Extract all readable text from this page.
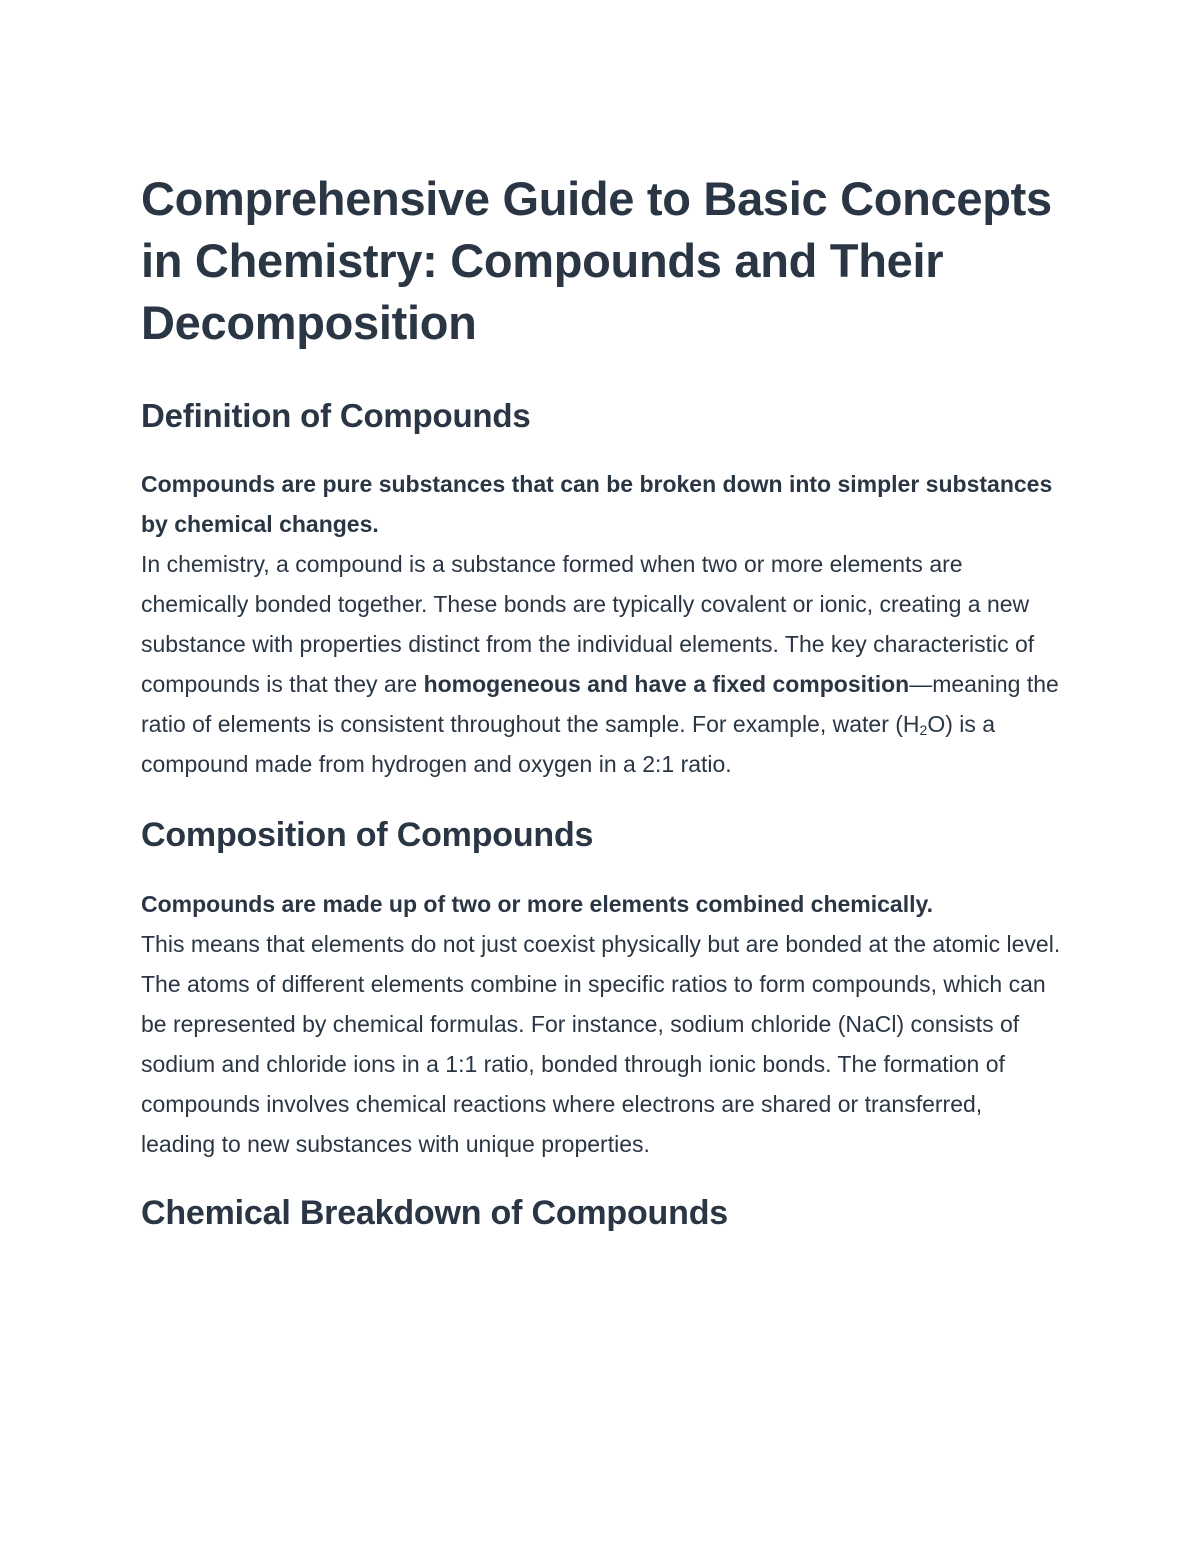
Comprehensive Guide to Basic Concepts in Chemistry: Compounds and Their Decomposition
Definition of Compounds

Compounds are pure substances that can be broken down into simpler substances by chemical changes.

In chemistry, a compound is a substance formed when two or more elements are chemically bonded together. These bonds are typically covalent or ionic, creating a new substance with properties distinct from the individual elements. The key characteristic of compounds is that they are homogeneous and have a fixed composition—meaning the ratio of elements is consistent throughout the sample. For example, water $(H_2O)$ is a compound made from hydrogen and oxygen in a 2:1 ratio.

Composition of Compounds

Compounds are made up of two or more elements combined chemically.

This means that elements do not just coexist physically but are bonded at the atomic level. The atoms of different elements combine in specific ratios to form compounds, which can be represented by chemical formulas. For instance, sodium chloride (NaCl) consists of sodium and chloride ions in a 1:1 ratio, bonded through ionic bonds. The formation of compounds involves chemical reactions where electrons are shared or transferred, leading to new substances with unique properties.

Chemical Breakdown of Compounds
